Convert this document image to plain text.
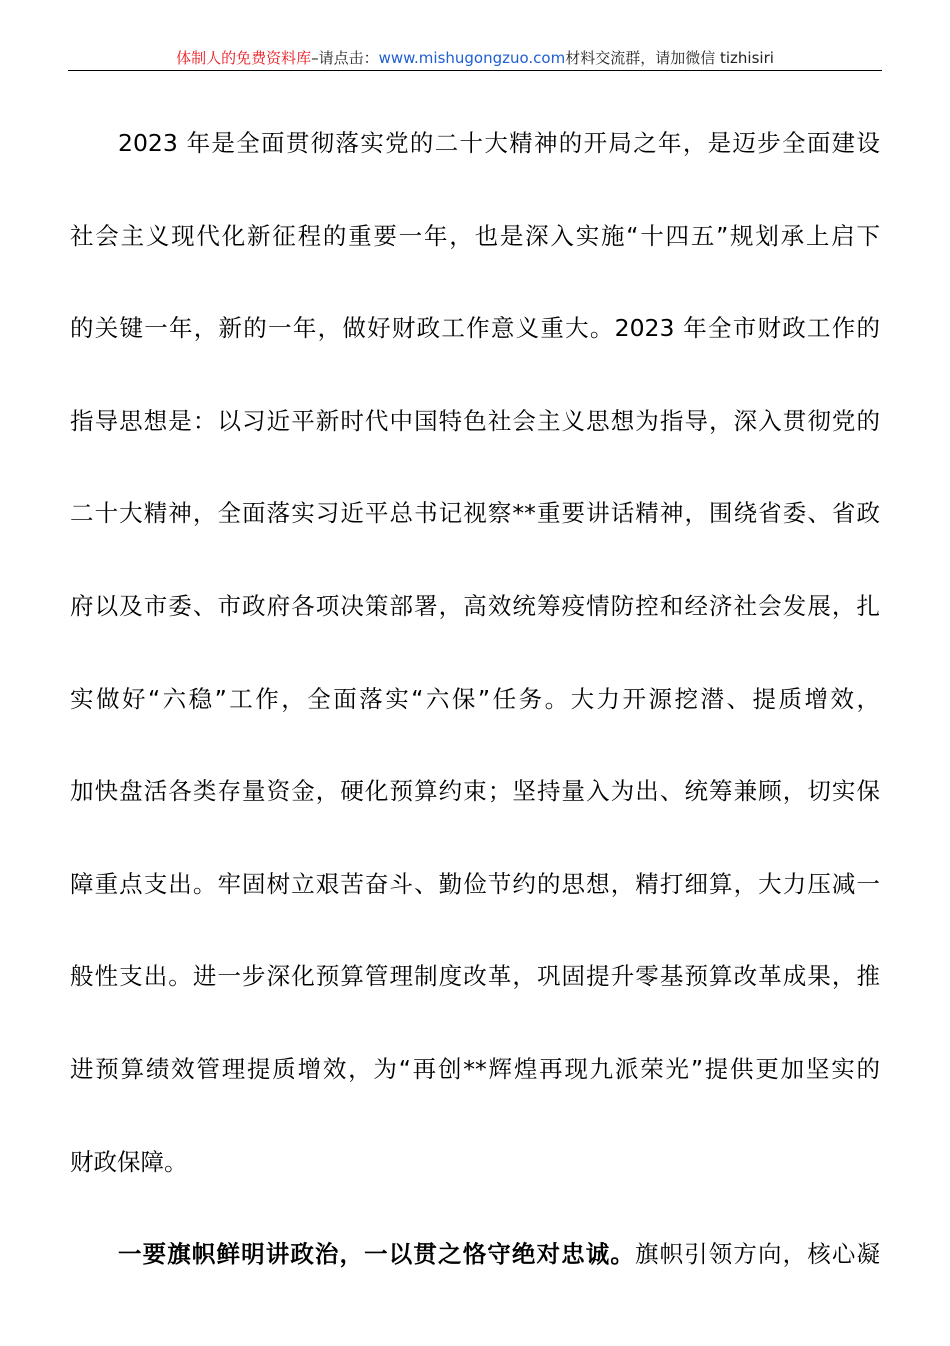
体制人的免费资料库–请点击：www.mishugongzuo.com材料交流群，请加微信 tizhisiri
2023 年是全面贯彻落实党的二十大精神的开局之年，是迈步全面建设
社会主义现代化新征程的重要一年，也是深入实施“十四五”规划承上启下
的关键一年，新的一年，做好财政工作意义重大。2023 年全市财政工作的
指导思想是：以习近平新时代中国特色社会主义思想为指导，深入贯彻党的
二十大精神，全面落实习近平总书记视察**重要讲话精神，围绕省委、省政
府以及市委、市政府各项决策部署，高效统筹疫情防控和经济社会发展，扎
实做好“六稳”工作，全面落实“六保”任务。大力开源挖潜、提质增效，
加快盘活各类存量资金，硬化预算约束；坚持量入为出、统筹兼顾，切实保
障重点支出。牢固树立艰苦奋斗、勤俭节约的思想，精打细算，大力压减一
般性支出。进一步深化预算管理制度改革，巩固提升零基预算改革成果，推
进预算绩效管理提质增效，为“再创**辉煌再现九派荣光”提供更加坚实的
财政保障。
一要旗帜鲜明讲政治，一以贯之恪守绝对忠诚。旗帜引领方向，核心凝
